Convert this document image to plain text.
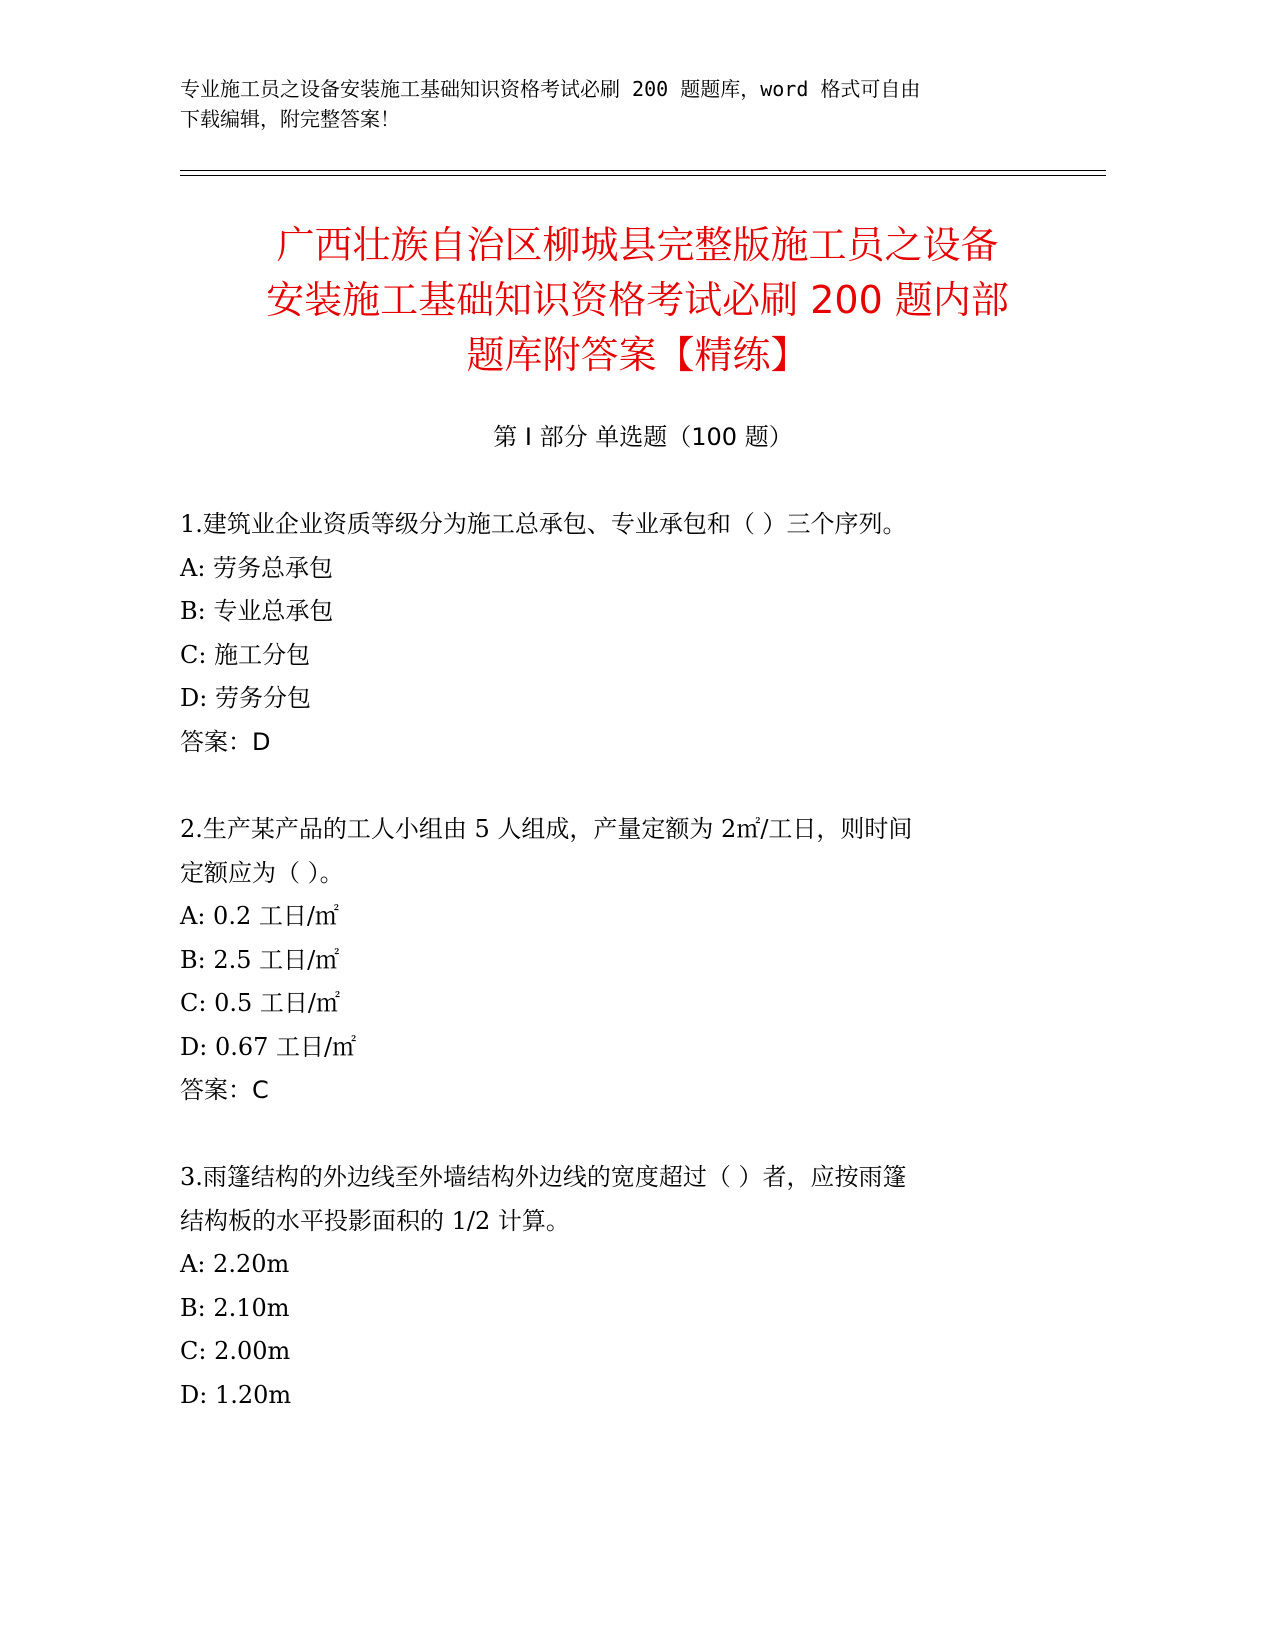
专业施工员之设备安装施工基础知识资格考试必刷 200 题题库，word 格式可自由
下载编辑，附完整答案！
广西壮族自治区柳城县完整版施工员之设备
安装施工基础知识资格考试必刷 200 题内部
题库附答案【精练】
第 I 部分 单选题（100 题）
1.建筑业企业资质等级分为施工总承包、专业承包和（ ）三个序列。
A: 劳务总承包
B: 专业总承包
C: 施工分包
D: 劳务分包
答案：D
2.生产某产品的工人小组由 5 人组成，产量定额为 2㎡/工日，则时间
定额应为（ ）。
A: 0.2 工日/㎡
B: 2.5 工日/㎡
C: 0.5 工日/㎡
D: 0.67 工日/㎡
答案：C
3.雨篷结构的外边线至外墙结构外边线的宽度超过（ ）者，应按雨篷
结构板的水平投影面积的 1/2 计算。
A: 2.20m
B: 2.10m
C: 2.00m
D: 1.20m
